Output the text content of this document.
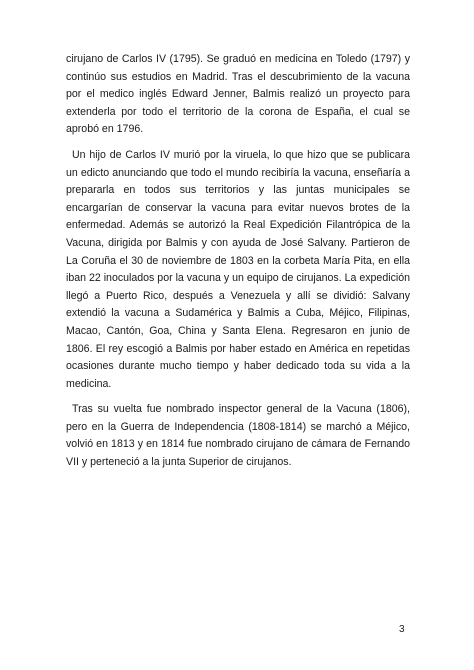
cirujano de Carlos IV (1795). Se graduó en medicina en Toledo (1797) y continúo sus estudios en Madrid. Tras el descubrimiento de la vacuna por el medico inglés Edward Jenner, Balmis realizó un proyecto para extenderla por todo el territorio de la corona de España, el cual se aprobó en 1796.

Un hijo de Carlos IV murió por la viruela, lo que hizo que se publicara un edicto anunciando que todo el mundo recibiría la vacuna, enseñaría a prepararla en todos sus territorios y las juntas municipales se encargarían de conservar la vacuna para evitar nuevos brotes de la enfermedad. Además se autorizó la Real Expedición Filantrópica de la Vacuna, dirigida por Balmis y con ayuda de José Salvany. Partieron de La Coruña el 30 de noviembre de 1803 en la corbeta María Pita, en ella iban 22 inoculados por la vacuna y un equipo de cirujanos. La expedición llegó a Puerto Rico, después a Venezuela y allí se dividió: Salvany extendió la vacuna a Sudamérica y Balmis a Cuba, Méjico, Filipinas, Macao, Cantón, Goa, China y Santa Elena. Regresaron en junio de 1806. El rey escogió a Balmis por haber estado en América en repetidas ocasiones durante mucho tiempo y haber dedicado toda su vida a la medicina.

Tras su vuelta fue nombrado inspector general de la Vacuna (1806), pero en la Guerra de Independencia (1808-1814) se marchó a Méjico, volvió en 1813 y en 1814 fue nombrado cirujano de cámara de Fernando VII y perteneció a la junta Superior de cirujanos.

3
